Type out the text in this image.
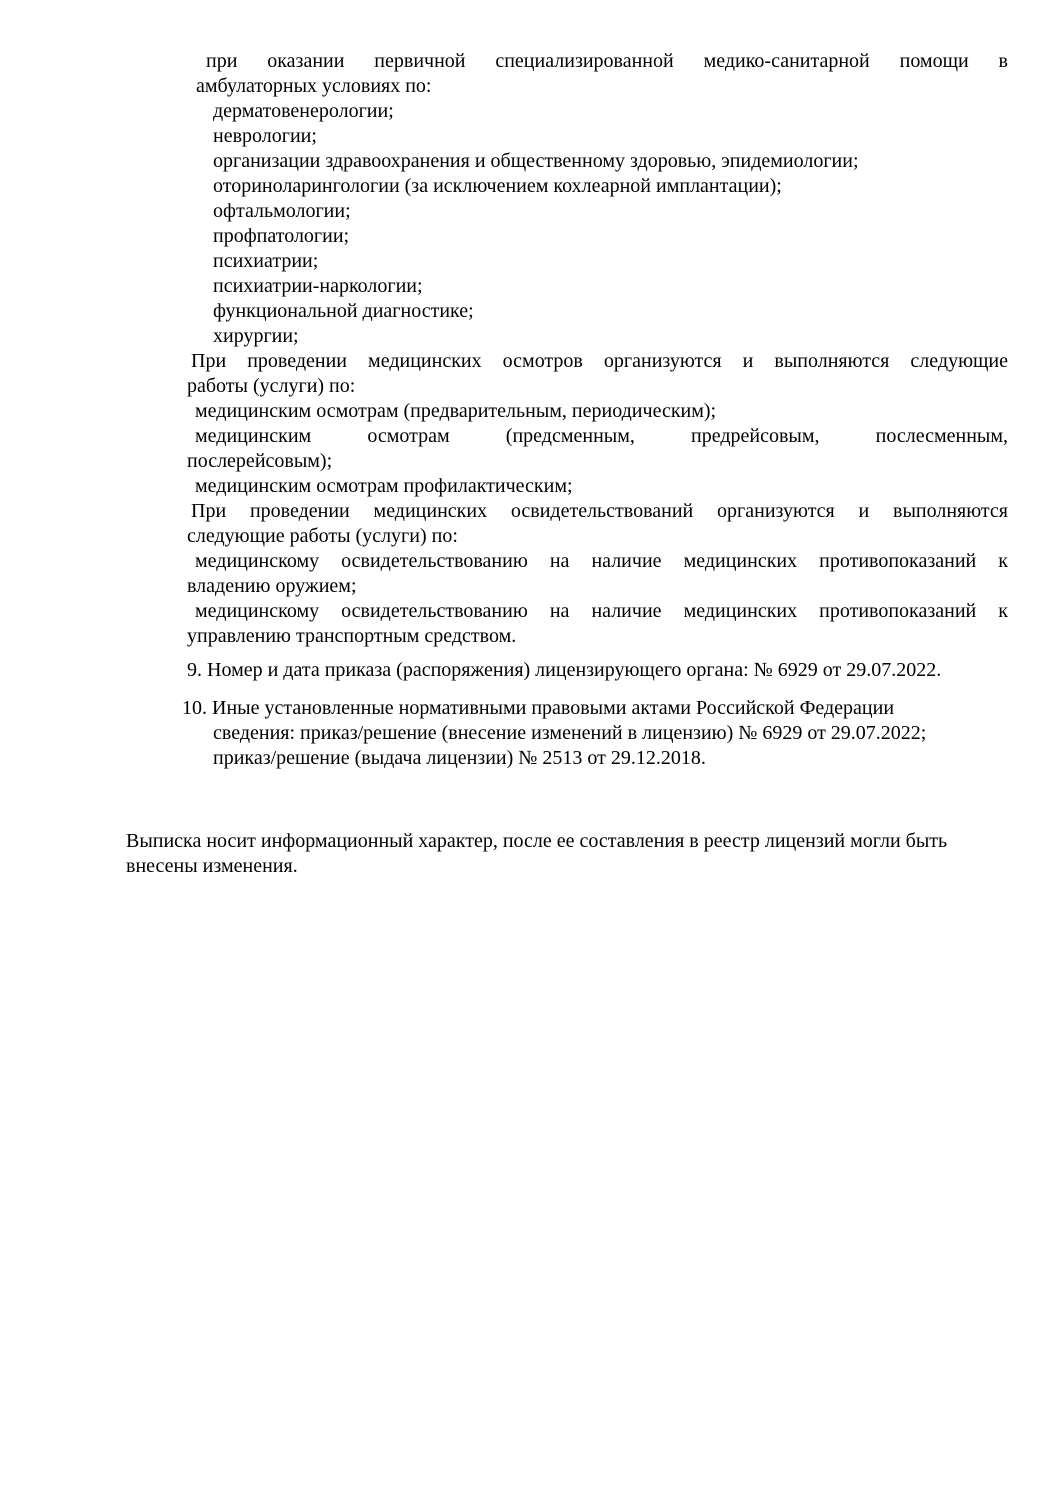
при оказании первичной специализированной медико-санитарной помощи в
амбулаторных условиях по:
дерматовенерологии;
неврологии;
организации здравоохранения и общественному здоровью, эпидемиологии;
оториноларингологии (за исключением кохлеарной имплантации);
офтальмологии;
профпатологии;
психиатрии;
психиатрии-наркологии;
функциональной диагностике;
хирургии;
При проведении медицинских осмотров организуются и выполняются следующие
работы (услуги) по:
медицинским осмотрам (предварительным, периодическим);
медицинским осмотрам (предсменным, предрейсовым, послесменным,
послерейсовым);
медицинским осмотрам профилактическим;
При проведении медицинских освидетельствований организуются и выполняются
следующие работы (услуги) по:
медицинскому освидетельствованию на наличие медицинских противопоказаний к
владению оружием;
медицинскому освидетельствованию на наличие медицинских противопоказаний к
управлению транспортным средством.
9. Номер и дата приказа (распоряжения) лицензирующего органа: № 6929 от 29.07.2022.
10. Иные установленные нормативными правовыми актами Российской Федерации
сведения: приказ/решение (внесение изменений в лицензию) № 6929 от 29.07.2022;
приказ/решение (выдача лицензии) № 2513 от 29.12.2018.
Выписка носит информационный характер, после ее составления в реестр лицензий могли быть
внесены изменения.
